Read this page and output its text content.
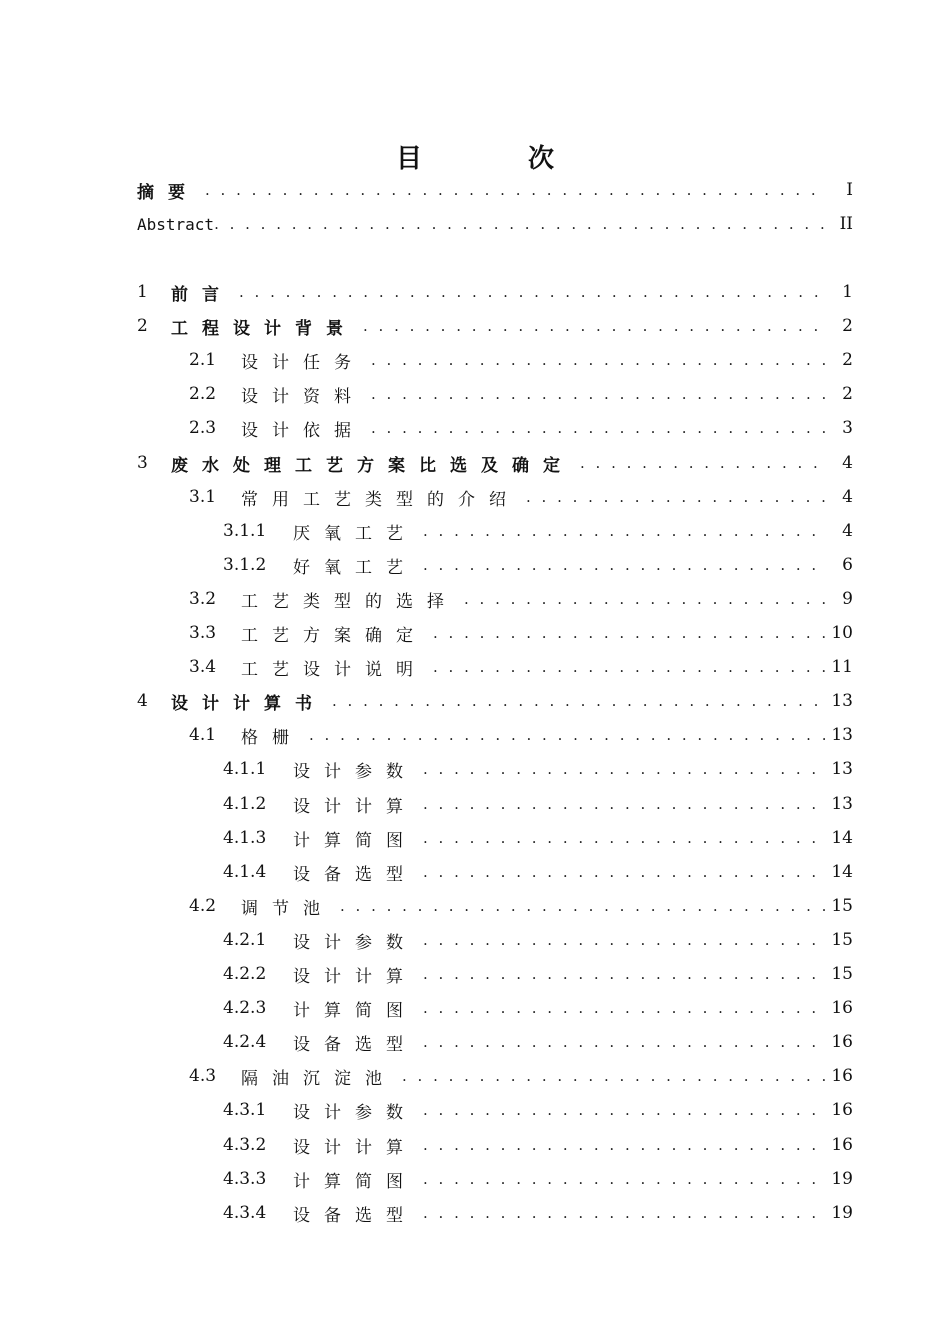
目　次
摘要 . . .	I
Abstract . . .	II
1	前言 . . .	1
2	工程设计背景 . . .	2
2.1	设计任务 . . .	2
2.2	设计资料 . . .	2
2.3	设计依据 . . .	3
3	废水处理工艺方案比选及确定 . . .	4
3.1	常用工艺类型的介绍 . . .	4
3.1.1	厌氧工艺 . . .	4
3.1.2	好氧工艺 . . .	6
3.2	工艺类型的选择 . . .	9
3.3	工艺方案确定 . . .	10
3.4	工艺设计说明 . . .	11
4	设计计算书 . . .	13
4.1	格栅 . . .	13
4.1.1	设计参数 . . .	13
4.1.2	设计计算 . . .	13
4.1.3	计算简图 . . .	14
4.1.4	设备选型 . . .	14
4.2	调节池 . . .	15
4.2.1	设计参数 . . .	15
4.2.2	设计计算 . . .	15
4.2.3	计算简图 . . .	16
4.2.4	设备选型 . . .	16
4.3	隔油沉淀池 . . .	16
4.3.1	设计参数 . . .	16
4.3.2	设计计算 . . .	16
4.3.3	计算简图 . . .	19
4.3.4	设备选型 . . .	19
